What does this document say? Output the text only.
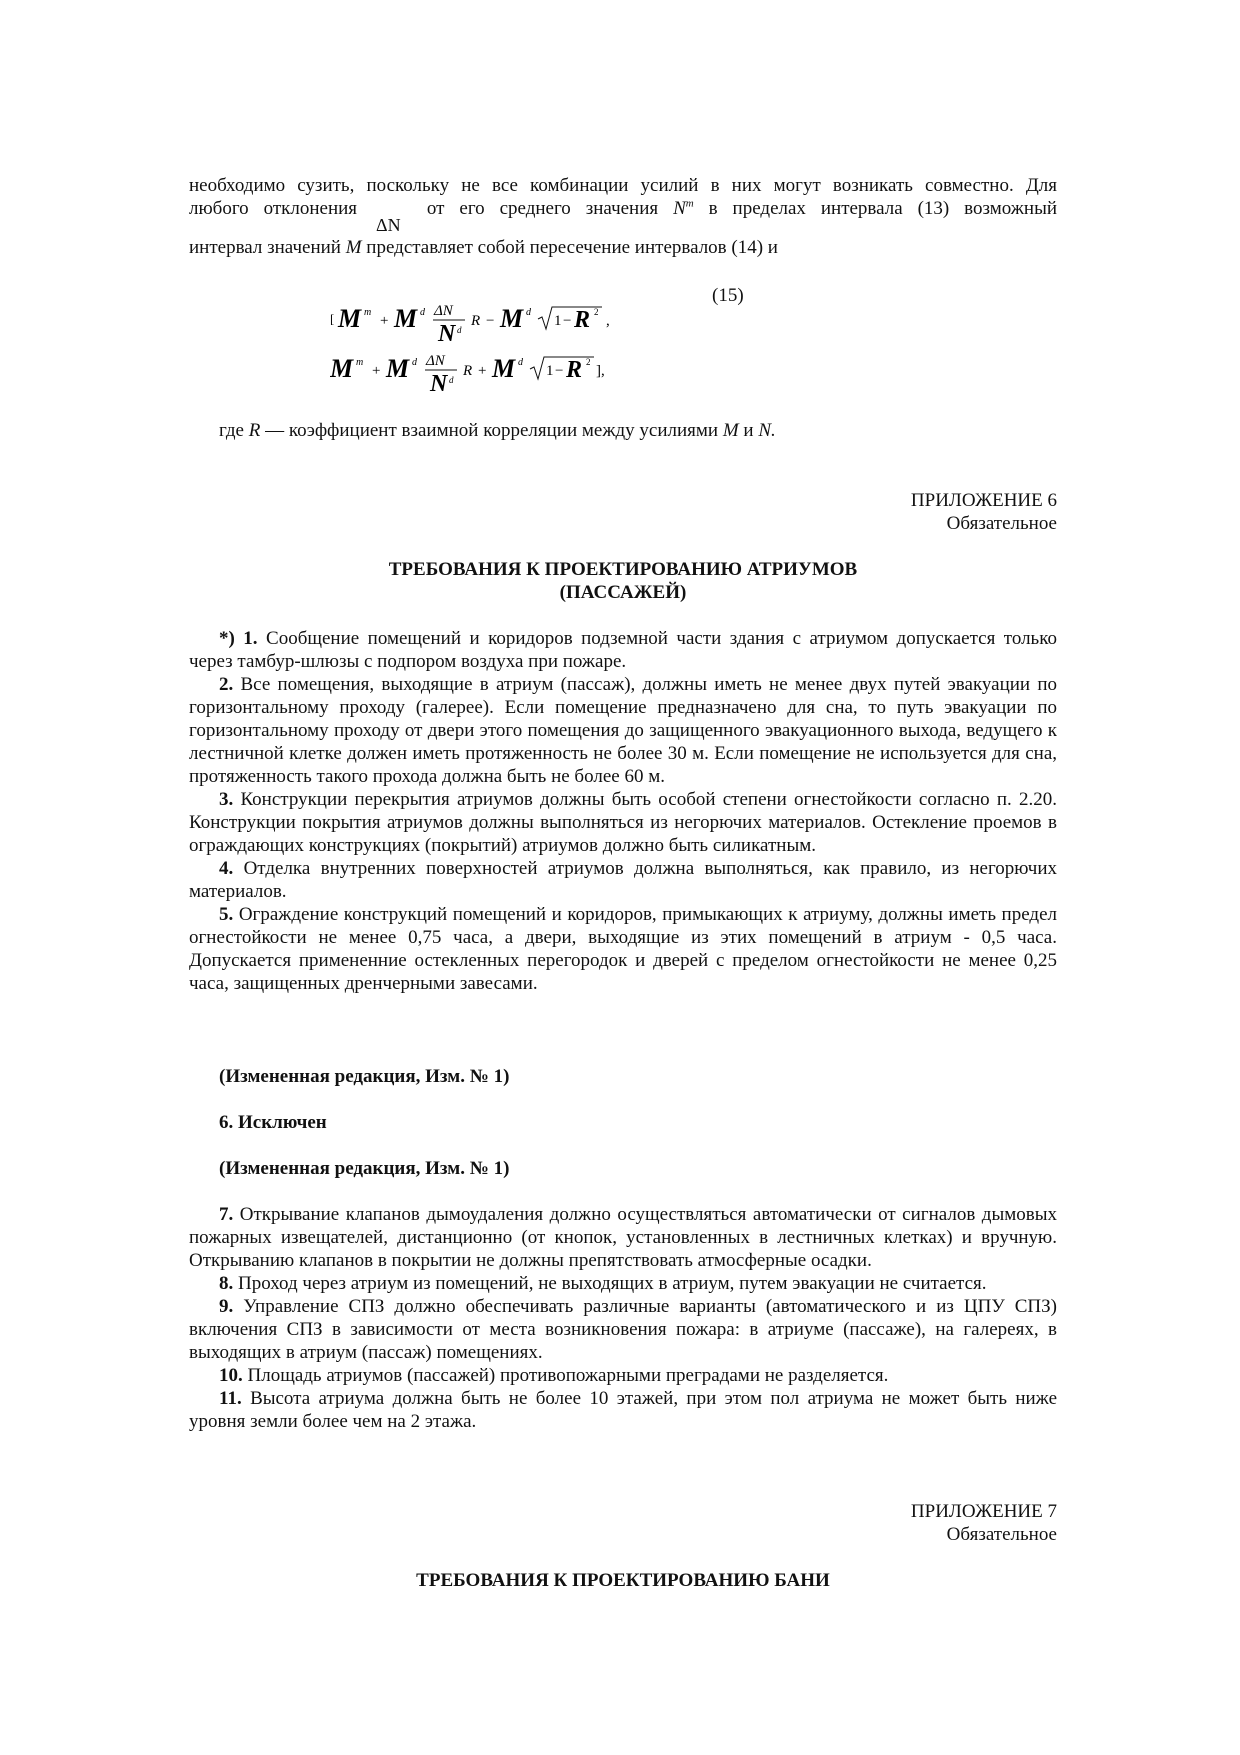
необходимо сузить, поскольку не все комбинации усилий в них могут возникать совместно. Для
любого отклонения	от его среднего значения $N^m$ в пределах интервала (13) возможный
ΔN
интервал значений M представляет собой пересечение интервалов (14) и
(15)
[ M m
+ M d ΔN
N d
R − M d
1 − R 2
,
M m
+ M d ΔN
N d
R + M d
1 − R 2
],
где R — коэффициент взаимной корреляции между усилиями M и N.
ПРИЛОЖЕНИЕ 6
Обязательное
ТРЕБОВАНИЯ К ПРОЕКТИРОВАНИЮ АТРИУМОВ
(ПАССАЖЕЙ)
*) 1. Сообщение помещений и коридоров подземной части здания с атриумом допускается только через тамбур-шлюзы с подпором воздуха при пожаре.
2. Все помещения, выходящие в атриум (пассаж), должны иметь не менее двух путей эвакуации по горизонтальному проходу (галерее). Если помещение предназначено для сна, то путь эвакуации по горизонтальному проходу от двери этого помещения до защищенного эвакуационного выхода, ведущего к лестничной клетке должен иметь протяженность не более 30 м. Если помещение не используется для сна, протяженность такого прохода должна быть не более 60 м.
3. Конструкции перекрытия атриумов должны быть особой степени огнестойкости согласно п. 2.20. Конструкции покрытия атриумов должны выполняться из негорючих материалов. Остекление проемов в ограждающих конструкциях (покрытий) атриумов должно быть силикатным.
4. Отделка внутренних поверхностей атриумов должна выполняться, как правило, из негорючих материалов.
5. Ограждение конструкций помещений и коридоров, примыкающих к атриуму, должны иметь предел огнестойкости не менее 0,75 часа, а двери, выходящие из этих помещений в атриум - 0,5 часа. Допускается примененние остекленных перегородок и дверей с пределом огнестойкости не менее 0,25 часа, защищенных дренчерными завесами.
(Измененная редакция, Изм. № 1)
6. Исключен
(Измененная редакция, Изм. № 1)
7. Открывание клапанов дымоудаления должно осуществляться автоматически от сигналов дымовых пожарных извещателей, дистанционно (от кнопок, установленных в лестничных клетках) и вручную. Открыванию клапанов в покрытии не должны препятствовать атмосферные осадки.
8. Проход через атриум из помещений, не выходящих в атриум, путем эвакуации не считается.
9. Управление СПЗ должно обеспечивать различные варианты (автоматического и из ЦПУ СПЗ) включения СПЗ в зависимости от места возникновения пожара: в атриуме (пассаже), на галереях, в выходящих в атриум (пассаж) помещениях.
10. Площадь атриумов (пассажей) противопожарными преградами не разделяется.
11. Высота атриума должна быть не более 10 этажей, при этом пол атриума не может быть ниже уровня земли более чем на 2 этажа.
ПРИЛОЖЕНИЕ 7
Обязательное
ТРЕБОВАНИЯ К ПРОЕКТИРОВАНИЮ БАНИ
